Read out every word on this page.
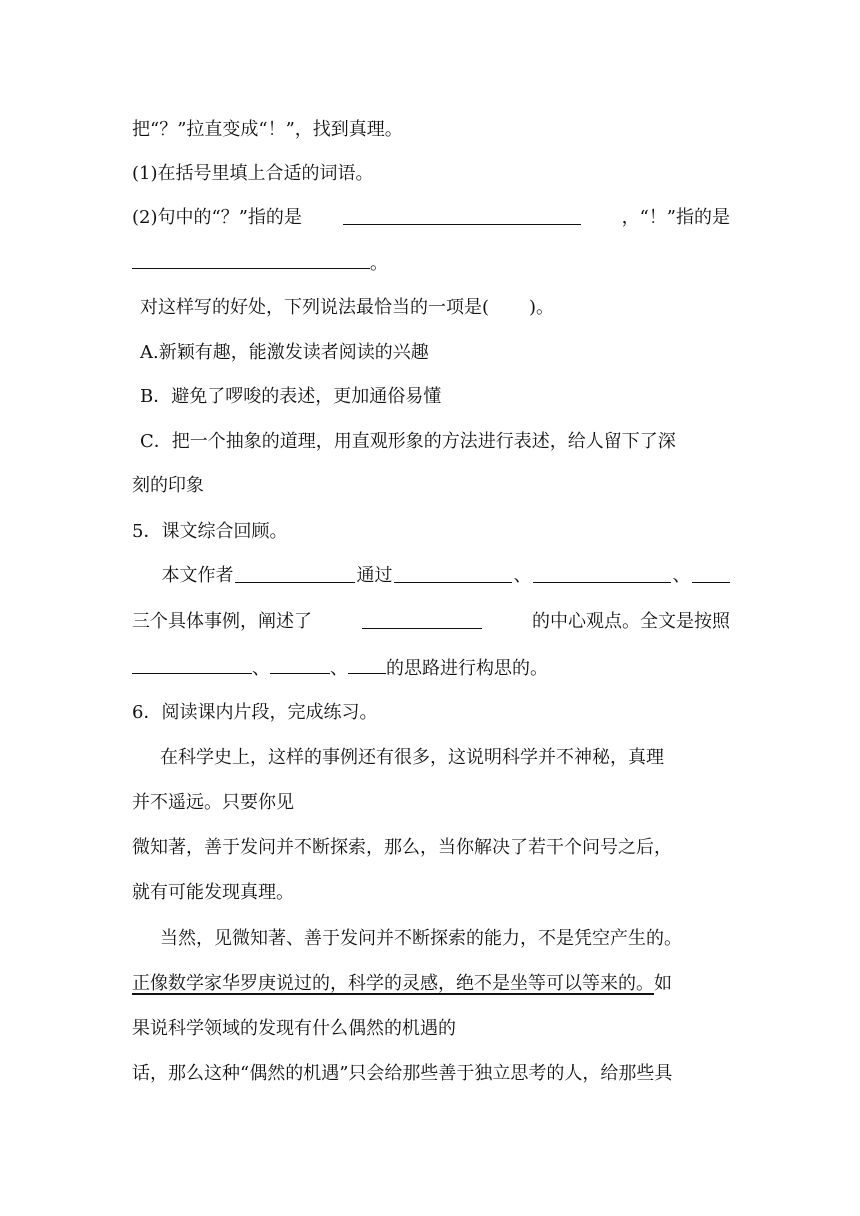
把“？”拉直变成“！”，找到真理。
(1)在括号里填上合适的词语。
(2)句中的“？”指的是	，“！”指的是
。
对这样写的好处，下列说法最恰当的一项是( )。
A.新颖有趣，能激发读者阅读的兴趣
B．避免了啰唆的表述，更加通俗易懂
C．把一个抽象的道理，用直观形象的方法进行表述，给人留下了深
刻的印象
5．课文综合回顾。
本文作者	通过	、	、
三个具体事例，阐述了	的中心观点。全文是按照
、	、 的思路进行构思的。
6．阅读课内片段，完成练习。
在科学史上，这样的事例还有很多，这说明科学并不神秘，真理
并不遥远。只要你见
微知著，善于发问并不断探索，那么，当你解决了若干个问号之后，
就有可能发现真理。
当然，见微知著、善于发问并不断探索的能力，不是凭空产生的。
正像数学家华罗庚说过的，科学的灵感，绝不是坐等可以等来的。如
果说科学领域的发现有什么偶然的机遇的
话，那么这种“偶然的机遇”只会给那些善于独立思考的人，给那些具
